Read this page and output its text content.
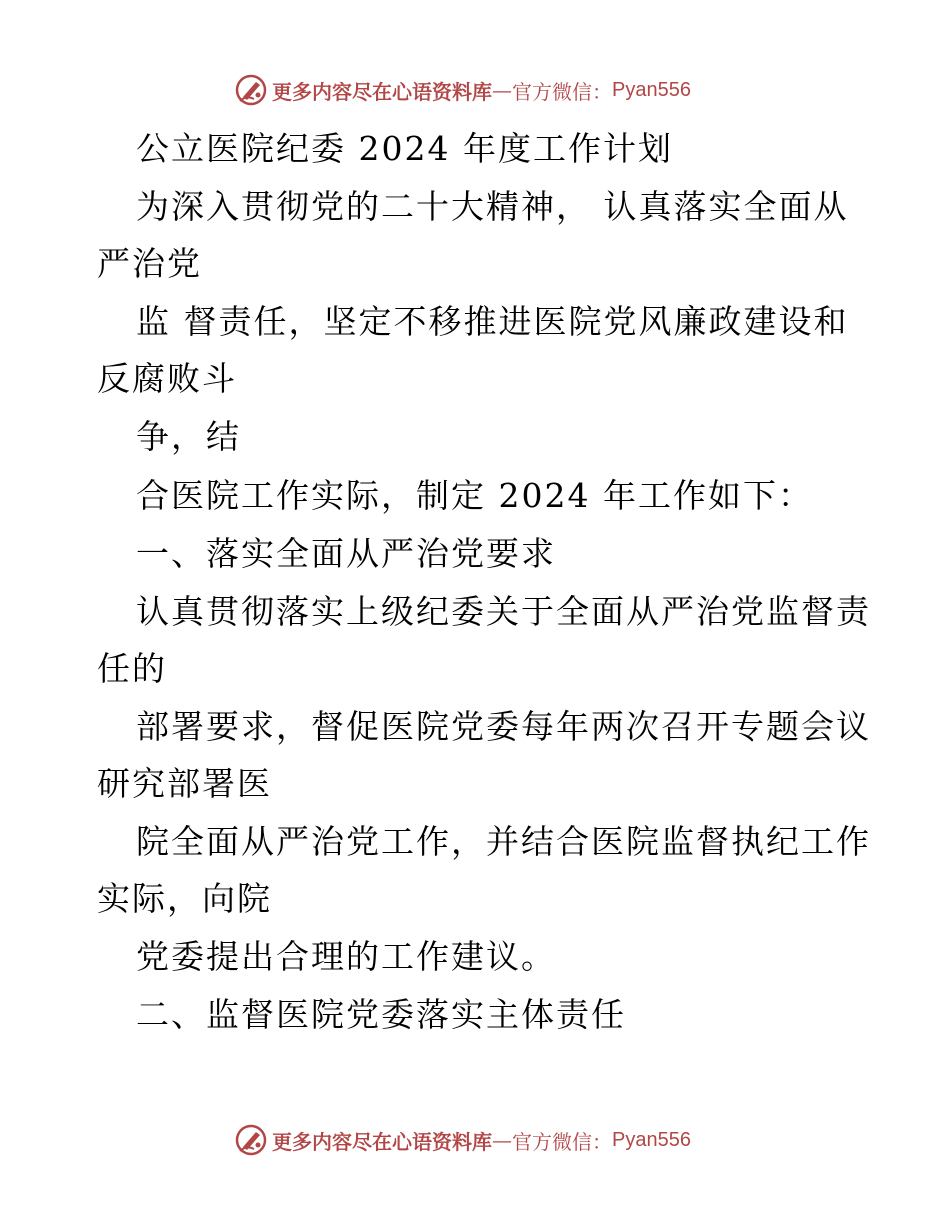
更多内容尽在心语资料库 — 官方微信： Pyan556
公立医院纪委 2024 年度工作计划
为深入贯彻党的二十大精神， 认真落实全面从
严治党
监 督责任，坚定不移推进医院党风廉政建设和
反腐败斗
争，结
合医院工作实际，制定 2024 年工作如下：
一、落实全面从严治党要求
认真贯彻落实上级纪委关于全面从严治党监督责
任的
部署要求，督促医院党委每年两次召开专题会议
研究部署医
院全面从严治党工作，并结合医院监督执纪工作
实际，向院
党委提出合理的工作建议。
二、监督医院党委落实主体责任
更多内容尽在心语资料库 — 官方微信： Pyan556
